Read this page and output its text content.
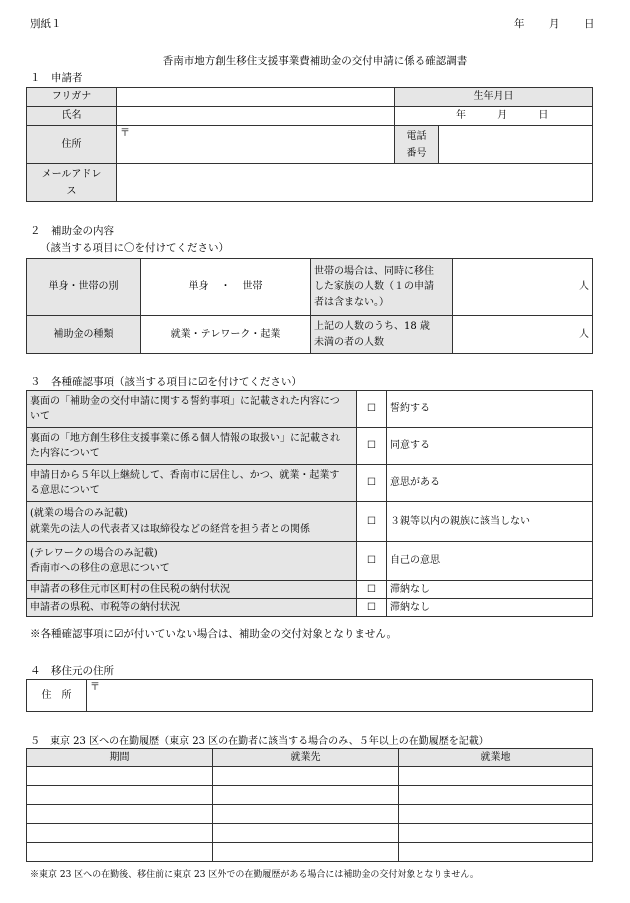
別紙１	年 月 日
香南市地方創生移住支援事業費補助金の交付申請に係る確認調書
１　申請者
フリガナ		生年月日	
氏名		年 月 日	
住所	〒	電話
番号	

メールアドレ
ス			

２　補助金の内容
（該当する項目に〇を付けてください）
単身・世帯の別	単身 ・ 世帯	世帯の場合は、同時に移住
した家族の人数（１の申請
者は含まない。）	人
補助金の種類	就業・テレワーク・起業	上記の人数のうち、18 歳
未満の者の人数	人
３　各種確認事項（該当する項目に☑を付けてください）
裏面の「補助金の交付申請に関する誓約事項」に記載された内容につ
いて	☐	誓約する

裏面の「地方創生移住支援事業に係る個人情報の取扱い」に記載され
た内容について	☐	同意する

申請日から５年以上継続して、香南市に居住し、かつ、就業・起業す
る意思について	☐	意思がある

(就業の場合のみ記載)
就業先の法人の代表者又は取締役などの経営を担う者との関係	☐	３親等以内の親族に該当しない

(テレワークの場合のみ記載)
香南市への移住の意思について	☐	自己の意思
申請者の移住元市区町村の住民税の納付状況	☐	滞納なし
申請者の県税、市税等の納付状況	☐	滞納なし
※各種確認事項に☑が付いていない場合は、補助金の交付対象となりません。
４　移住元の住所
住　所	〒
５　東京 23 区への在勤履歴（東京 23 区の在勤者に該当する場合のみ、５年以上の在勤履歴を記載）
期間	就業先	就業地

※東京 23 区への在勤後、移住前に東京 23 区外での在勤履歴がある場合には補助金の交付対象となりません。
